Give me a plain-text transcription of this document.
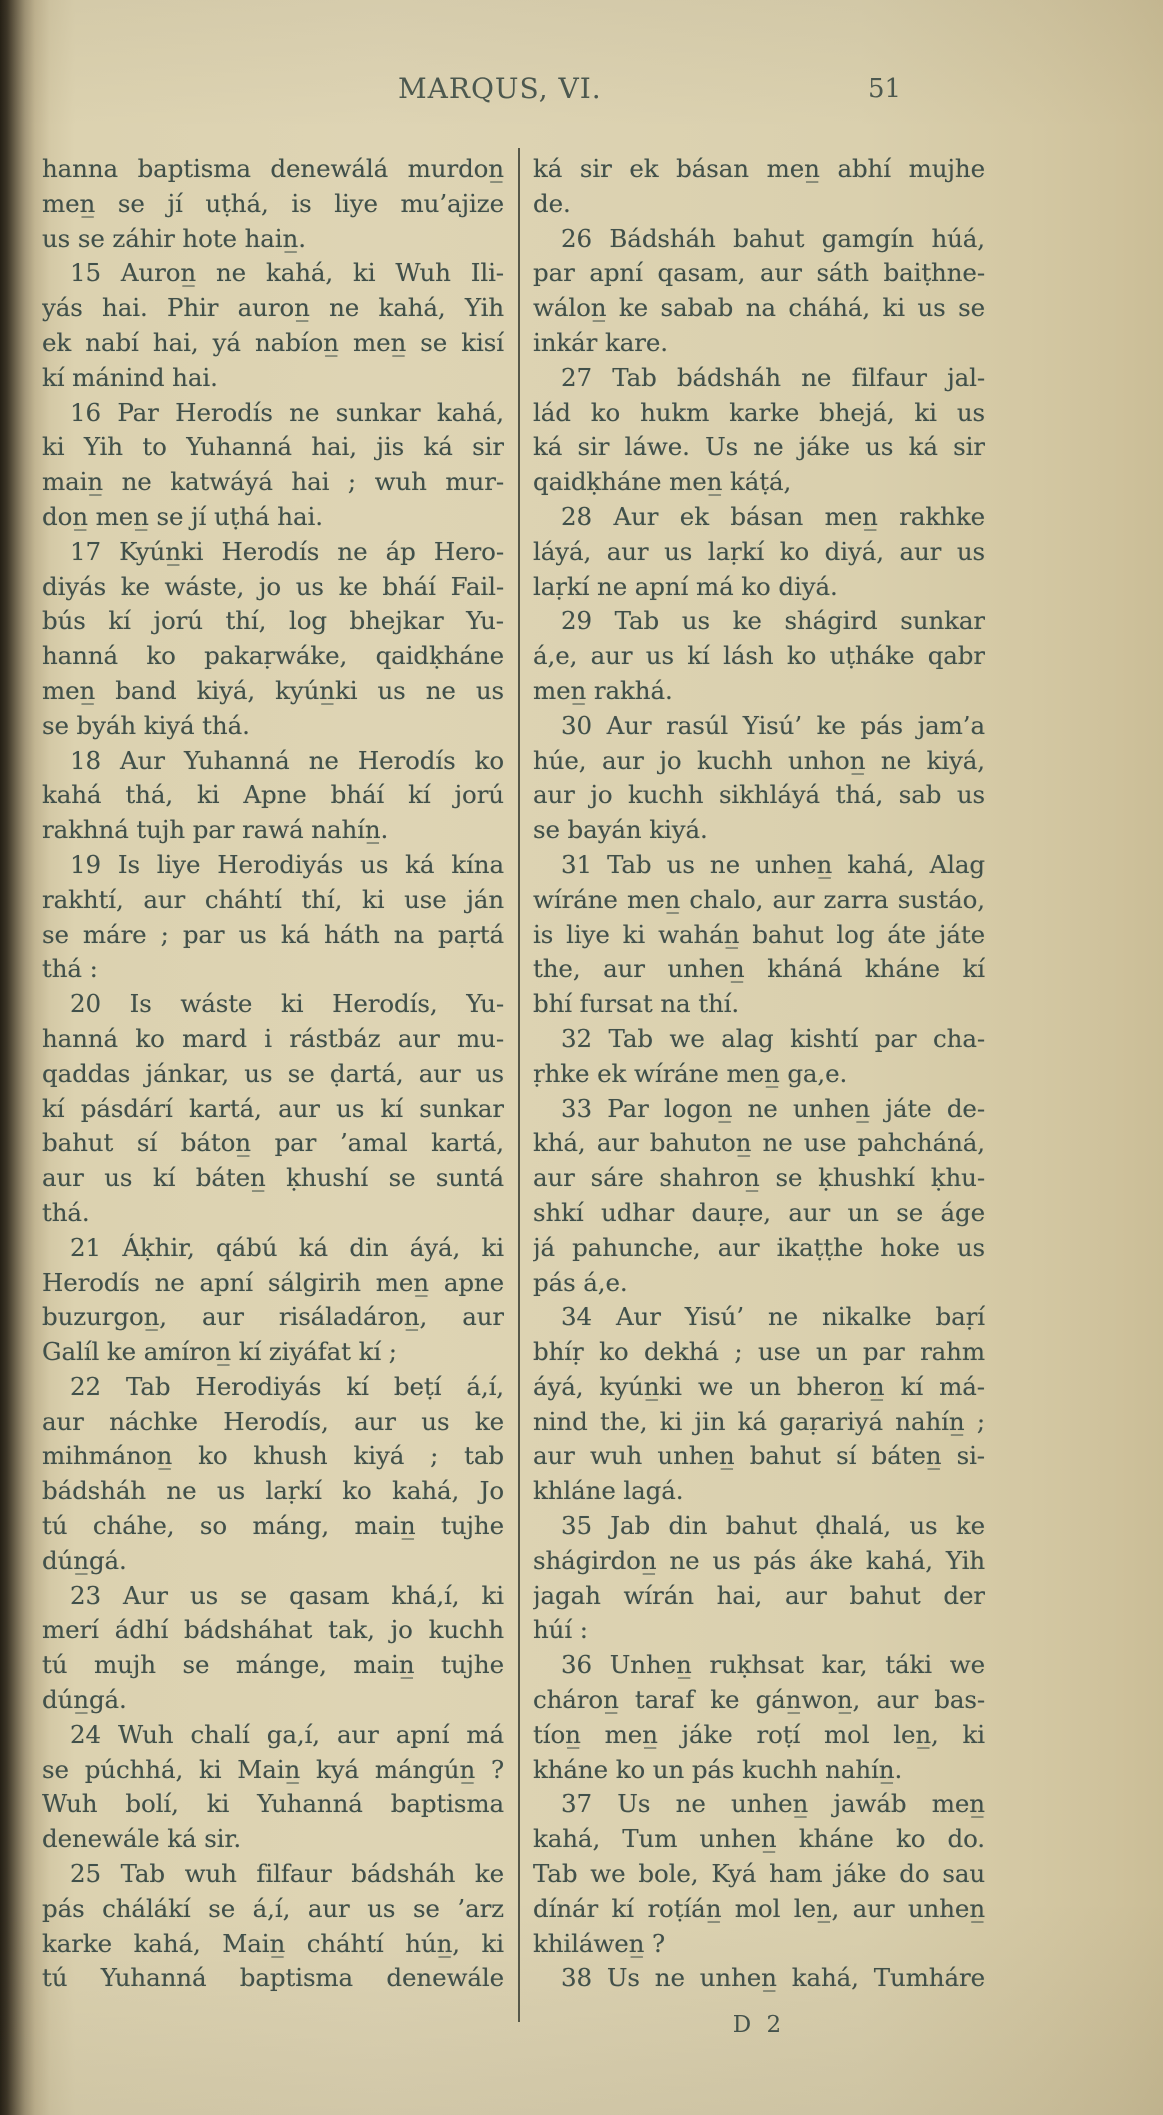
MARQUS, VI.	51
hanna baptisma denewálá murdon̲
men̲ se jí uṭhá, is liye mu’ajize
us se záhir hote hain̲.
15 Auron̲ ne kahá, ki Wuh Ili-
yás hai. Phir auron̲ ne kahá, Yih
ek nabí hai, yá nabíon̲ men̲ se kisí
kí mánind hai.
16 Par Herodís ne sunkar kahá,
ki Yih to Yuhanná hai, jis ká sir
main̲ ne katwáyá hai ; wuh mur-
don̲ men̲ se jí uṭhá hai.
17 Kyún̲ki Herodís ne áp Hero-
diyás ke wáste, jo us ke bháí Fail-
bús kí jorú thí, log bhejkar Yu-
hanná ko pakaṛwáke, qaidḳháne
men̲ band kiyá, kyún̲ki us ne us
se byáh kiyá thá.
18 Aur Yuhanná ne Herodís ko
kahá thá, ki Apne bháí kí jorú
rakhná tujh par rawá nahín̲.
19 Is liye Herodiyás us ká kína
rakhtí, aur cháhtí thí, ki use ján
se máre ; par us ká háth na paṛtá
thá :
20 Is wáste ki Herodís, Yu-
hanná ko mard i rástbáz aur mu-
qaddas jánkar, us se ḍartá, aur us
kí pásdárí kartá, aur us kí sunkar
bahut sí báton̲ par ’amal kartá,
aur us kí báten̲ ḳhushí se suntá
thá.
21 Áḳhir, qábú ká din áyá, ki
Herodís ne apní sálgirih men̲ apne
buzurgon̲, aur risáladáron̲, aur
Galíl ke amíron̲ kí ziyáfat kí ;
22 Tab Herodiyás kí beṭí á,í,
aur náchke Herodís, aur us ke
mihmánon̲ ko khush kiyá ; tab
bádsháh ne us laṛkí ko kahá, Jo
tú cháhe, so máng, main̲ tujhe
dún̲gá.
23 Aur us se qasam khá,í, ki
merí ádhí bádsháhat tak, jo kuchh
tú mujh se mánge, main̲ tujhe
dún̲gá.
24 Wuh chalí ga,í, aur apní má
se púchhá, ki Main̲ kyá mángún̲ ?
Wuh bolí, ki Yuhanná baptisma
denewále ká sir.
25 Tab wuh filfaur bádsháh ke
pás chálákí se á,í, aur us se ’arz
karke kahá, Main̲ cháhtí hún̲, ki
tú Yuhanná baptisma denewále
ká sir ek básan men̲ abhí mujhe
de.
26 Bádsháh bahut gamgín húá,
par apní qasam, aur sáth baiṭhne-
wálon̲ ke sabab na cháhá, ki us se
inkár kare.
27 Tab bádsháh ne filfaur jal-
lád ko hukm karke bhejá, ki us
ká sir láwe. Us ne jáke us ká sir
qaidḳháne men̲ káṭá,
28 Aur ek básan men̲ rakhke
láyá, aur us laṛkí ko diyá, aur us
laṛkí ne apní má ko diyá.
29 Tab us ke shágird sunkar
á,e, aur us kí lásh ko uṭháke qabr
men̲ rakhá.
30 Aur rasúl Yisú’ ke pás jam’a
húe, aur jo kuchh unhon̲ ne kiyá,
aur jo kuchh sikhláyá thá, sab us
se bayán kiyá.
31 Tab us ne unhen̲ kahá, Alag
wíráne men̲ chalo, aur zarra sustáo,
is liye ki wahán̲ bahut log áte játe
the, aur unhen̲ kháná kháne kí
bhí fursat na thí.
32 Tab we alag kishtí par cha-
ṛhke ek wíráne men̲ ga,e.
33 Par logon̲ ne unhen̲ játe de-
khá, aur bahuton̲ ne use pahcháná,
aur sáre shahron̲ se ḳhushkí ḳhu-
shkí udhar dauṛe, aur un se áge
já pahunche, aur ikaṭṭhe hoke us
pás á,e.
34 Aur Yisú’ ne nikalke baṛí
bhíṛ ko dekhá ; use un par rahm
áyá, kyún̲ki we un bheron̲ kí má-
nind the, ki jin ká gaṛariyá nahín̲ ;
aur wuh unhen̲ bahut sí báten̲ si-
khláne lagá.
35 Jab din bahut ḍhalá, us ke
shágirdon̲ ne us pás áke kahá, Yih
jagah wírán hai, aur bahut der
húí :
36 Unhen̲ ruḳhsat kar, táki we
cháron̲ taraf ke gán̲won̲, aur bas-
tíon̲ men̲ jáke roṭí mol len̲, ki
kháne ko un pás kuchh nahín̲.
37 Us ne unhen̲ jawáb men̲
kahá, Tum unhen̲ kháne ko do.
Tab we bole, Kyá ham jáke do sau
dínár kí roṭíán̲ mol len̲, aur unhen̲
khiláwen̲ ?
38 Us ne unhen̲ kahá, Tumháre
D 2
